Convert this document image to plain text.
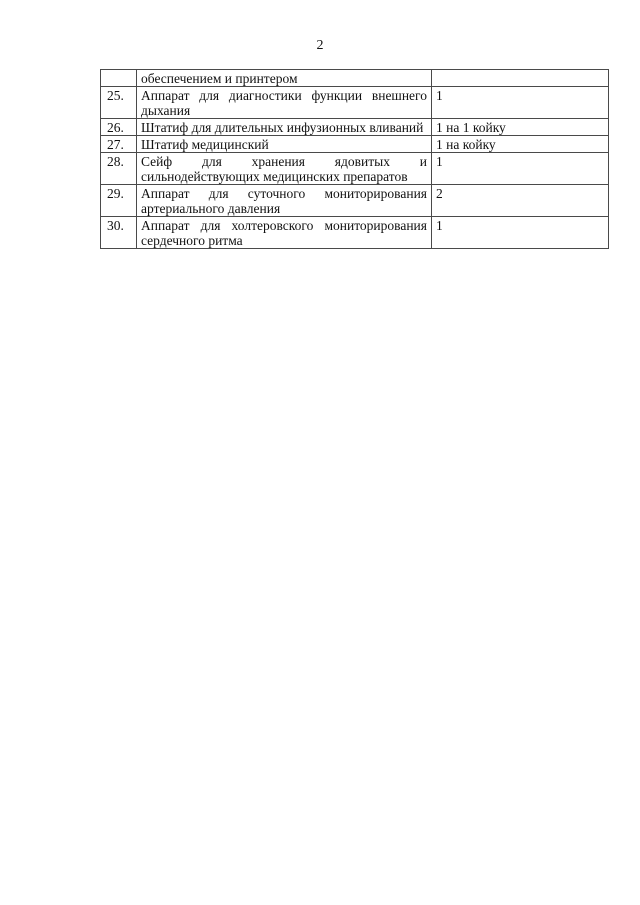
2
	обеспечением и принтером	
25.	Аппарат для диагностики функции внешнего дыхания	1
26.	Штатиф для длительных инфузионных вливаний	1 на 1 койку
27.	Штатиф медицинский	1 на койку
28.	Сейф для хранения ядовитых и сильнодействующих медицинских препаратов	1
29.	Аппарат для суточного мониторирования артериального давления	2
30.	Аппарат для холтеровского мониторирования сердечного ритма	1
